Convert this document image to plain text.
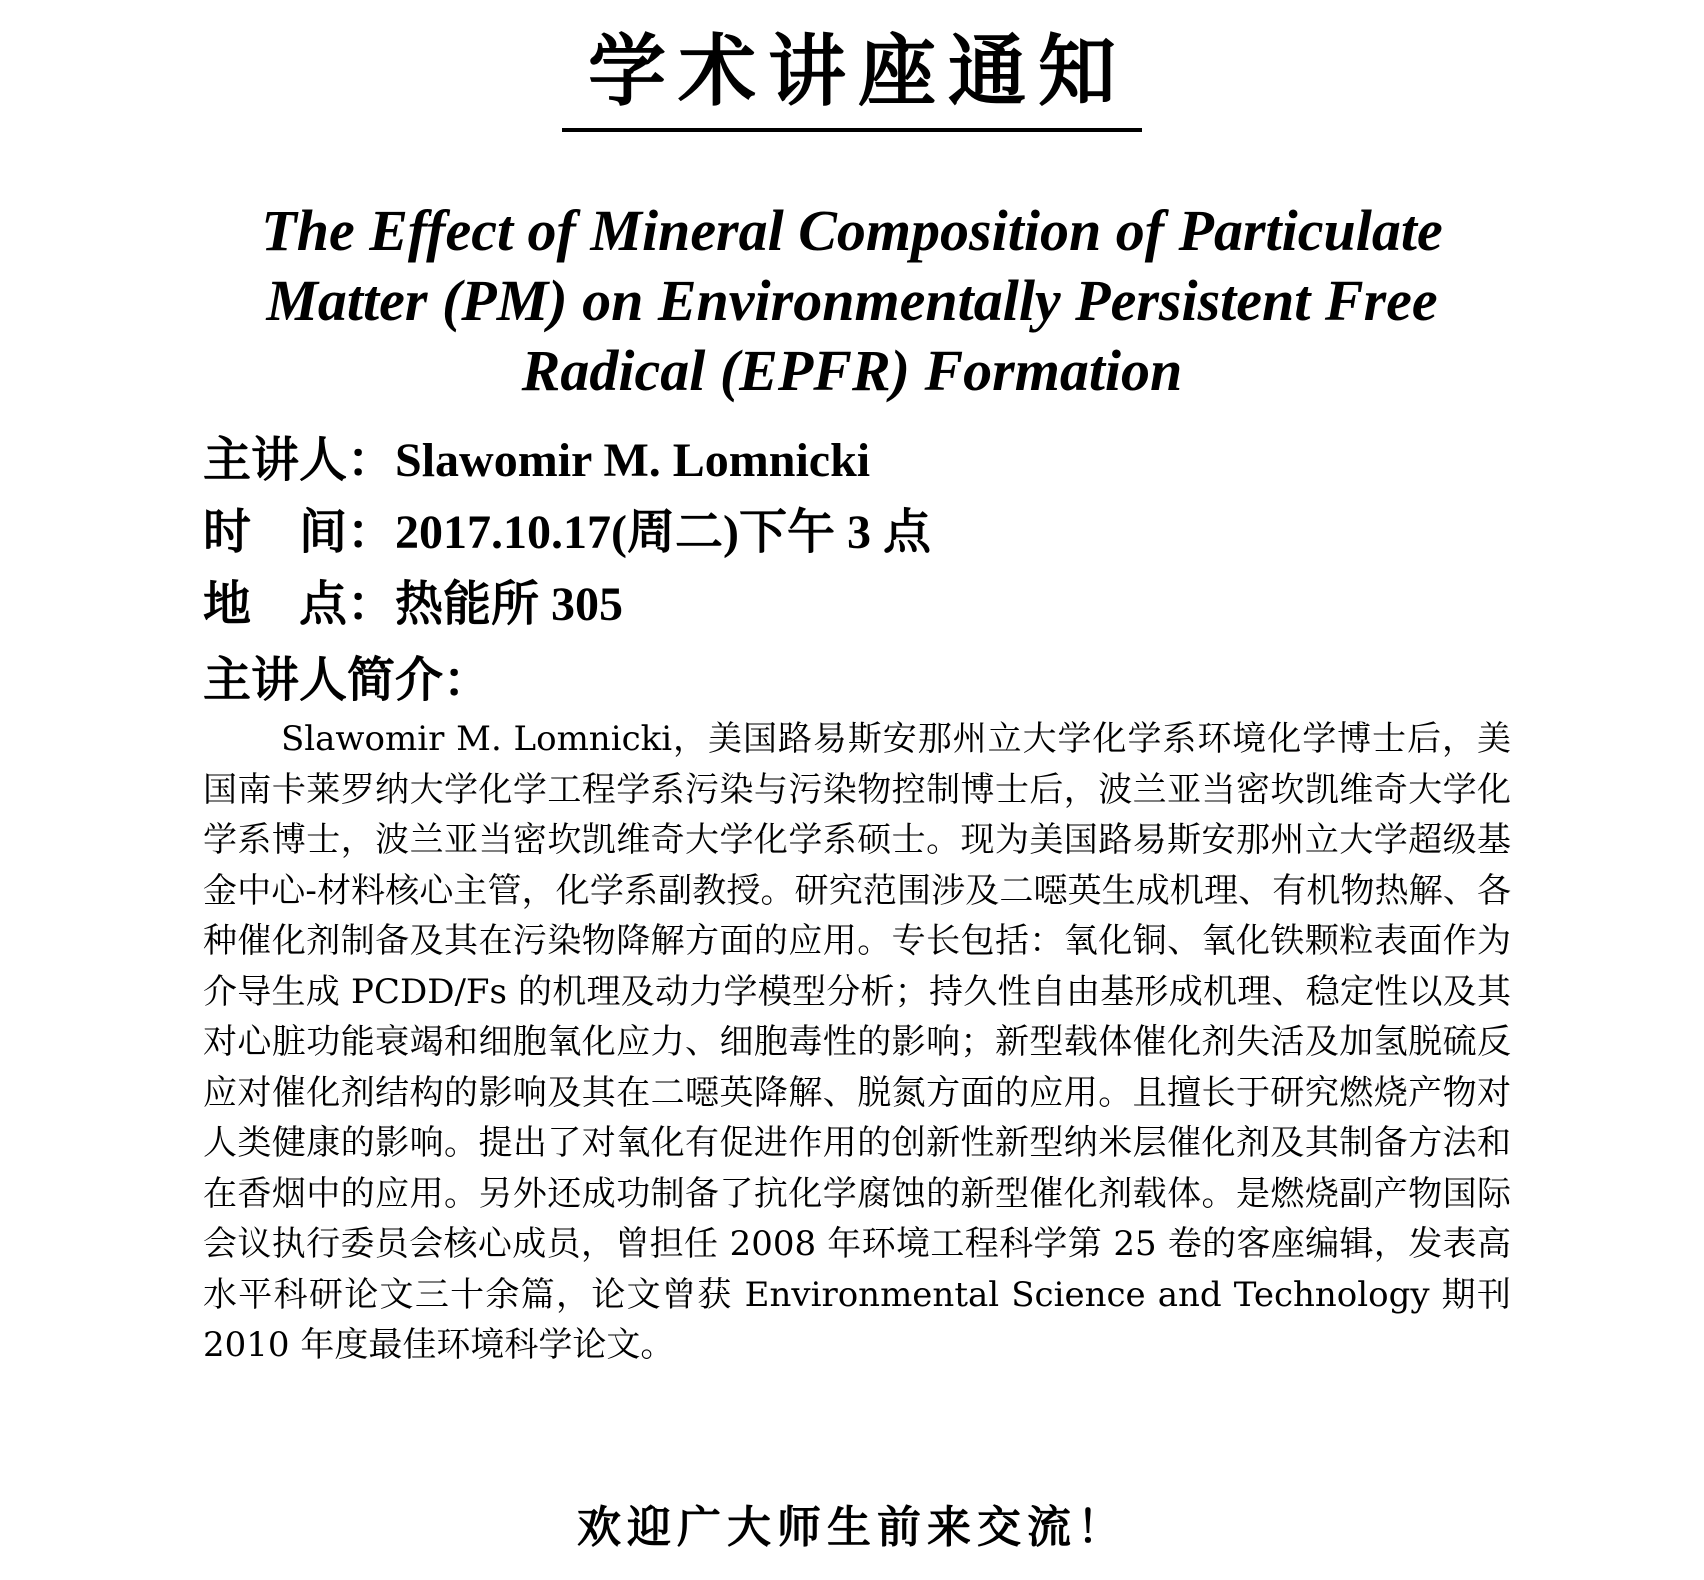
学术讲座通知
The Effect of Mineral Composition of Particulate
Matter (PM) on Environmentally Persistent Free
Radical (EPFR) Formation
主讲人：Slawomir M. Lomnicki
时　间：2017.10.17(周二)下午 3 点
地　点：热能所 305
主讲人简介：

Slawomir M. Lomnicki，美国路易斯安那州立大学化学系环境化学博士后，美国南卡莱罗纳大学化学工程学系污染与污染物控制博士后，波兰亚当密坎凯维奇大学化学系博士，波兰亚当密坎凯维奇大学化学系硕士。现为美国路易斯安那州立大学超级基金中心-材料核心主管，化学系副教授。研究范围涉及二噁英生成机理、有机物热解、各种催化剂制备及其在污染物降解方面的应用。专长包括：氧化铜、氧化铁颗粒表面作为介导生成 PCDD/Fs 的机理及动力学模型分析；持久性自由基形成机理、稳定性以及其对心脏功能衰竭和细胞氧化应力、细胞毒性的影响；新型载体催化剂失活及加氢脱硫反应对催化剂结构的影响及其在二噁英降解、脱氮方面的应用。且擅长于研究燃烧产物对人类健康的影响。提出了对氧化有促进作用的创新性新型纳米层催化剂及其制备方法和在香烟中的应用。另外还成功制备了抗化学腐蚀的新型催化剂载体。是燃烧副产物国际会议执行委员会核心成员，曾担任 2008 年环境工程科学第 25 卷的客座编辑，发表高水平科研论文三十余篇，论文曾获 Environmental Science and Technology 期刊 2010 年度最佳环境科学论文。

欢迎广大师生前来交流！
